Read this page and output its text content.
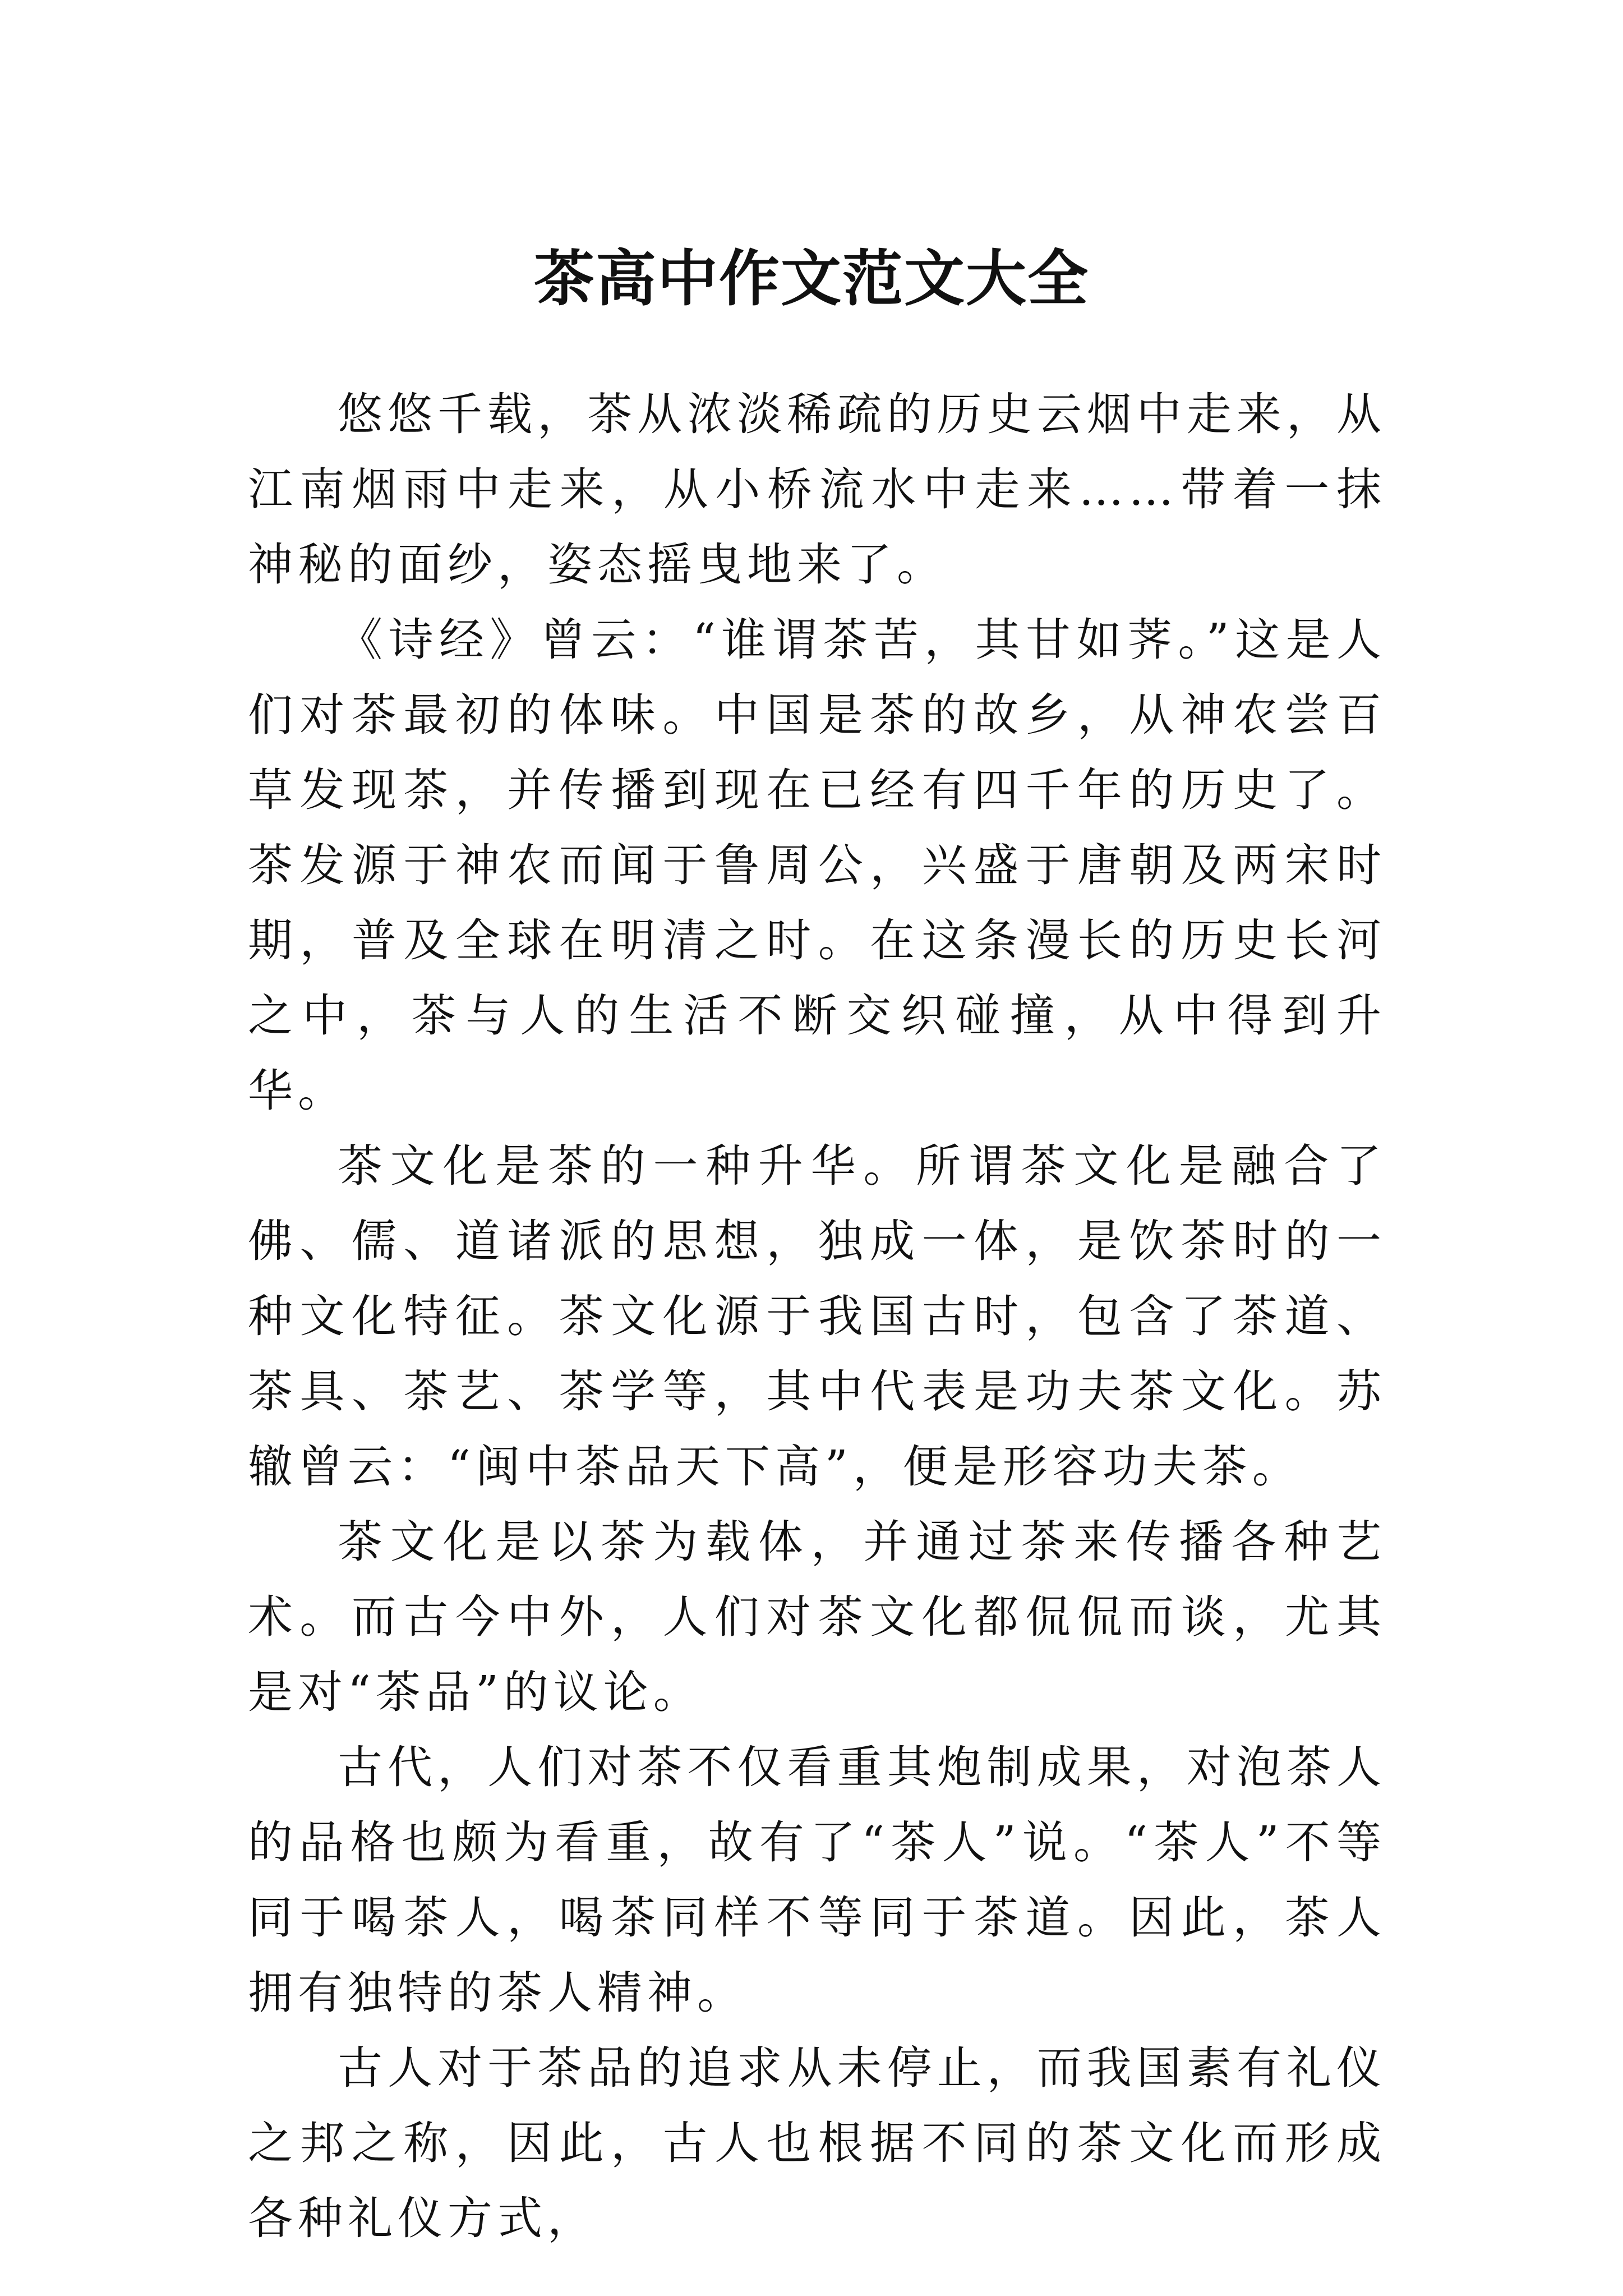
茶高中作文范文大全

悠悠千载，茶从浓淡稀疏的历史云烟中走来，从江南烟雨中走来，从小桥流水中走来……带着一抹神秘的面纱，姿态摇曳地来了。

《诗经》曾云：“谁谓茶苦，其甘如荠。”这是人们对茶最初的体味。中国是茶的故乡，从神农尝百草发现茶，并传播到现在已经有四千年的历史了。茶发源于神农而闻于鲁周公，兴盛于唐朝及两宋时期，普及全球在明清之时。在这条漫长的历史长河之中，茶与人的生活不断交织碰撞，从中得到升华。

茶文化是茶的一种升华。所谓茶文化是融合了佛、儒、道诸派的思想，独成一体，是饮茶时的一种文化特征。茶文化源于我国古时，包含了茶道、茶具、茶艺、茶学等，其中代表是功夫茶文化。苏辙曾云：“闽中茶品天下高”，便是形容功夫茶。

茶文化是以茶为载体，并通过茶来传播各种艺术。而古今中外，人们对茶文化都侃侃而谈，尤其是对“茶品”的议论。

古代，人们对茶不仅看重其炮制成果，对泡茶人的品格也颇为看重，故有了“茶人”说。“茶人”不等同于喝茶人，喝茶同样不等同于茶道。因此，茶人拥有独特的茶人精神。

古人对于茶品的追求从未停止，而我国素有礼仪之邦之称，因此，古人也根据不同的茶文化而形成各种礼仪方式，
